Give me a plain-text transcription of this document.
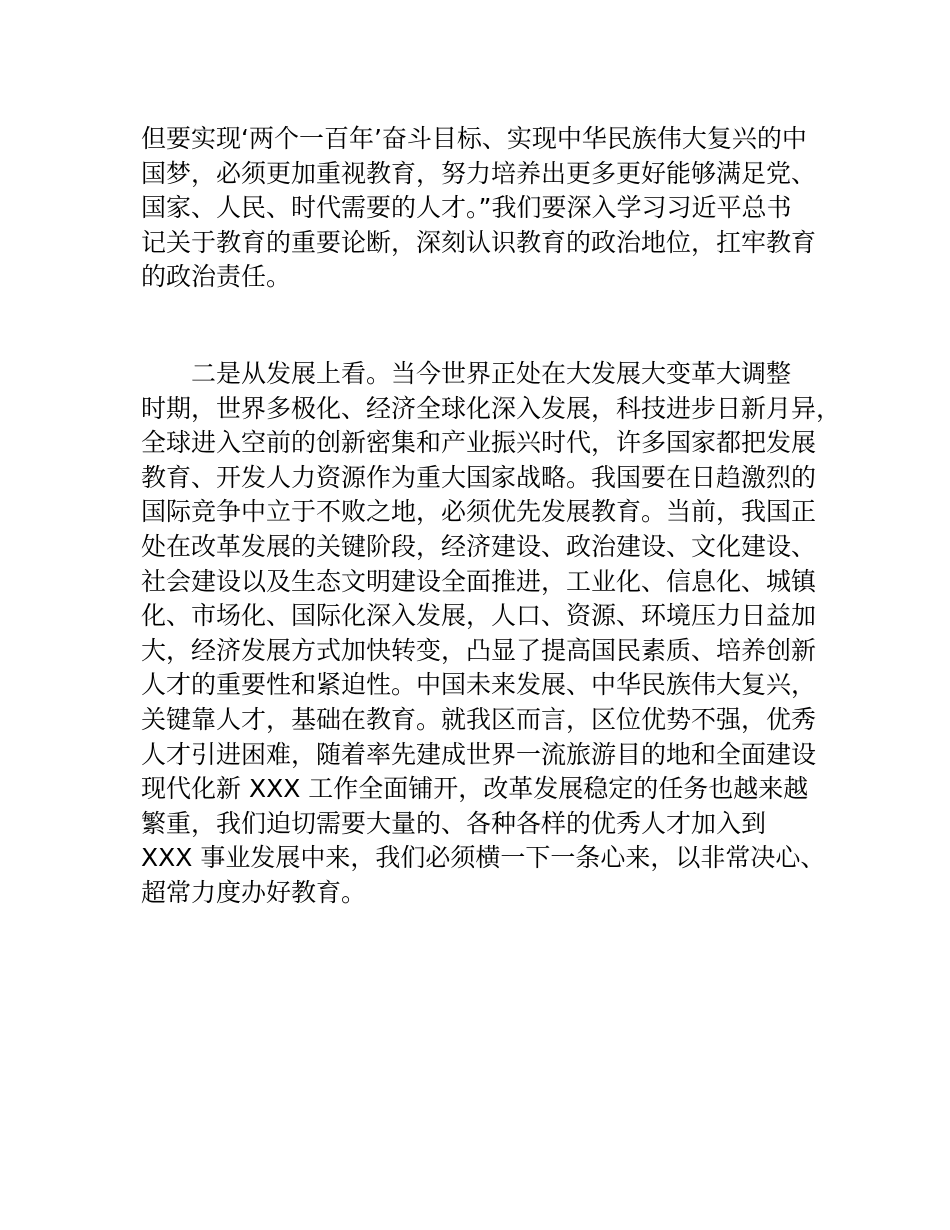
但要实现‘两个一百年’奋斗目标、实现中华民族伟大复兴的中
国梦，必须更加重视教育，努力培养出更多更好能够满足党、
国家、人民、时代需要的人才。”我们要深入学习习近平总书
记关于教育的重要论断，深刻认识教育的政治地位，扛牢教育
的政治责任。
　　二是从发展上看。当今世界正处在大发展大变革大调整
时期，世界多极化、经济全球化深入发展，科技进步日新月异，
全球进入空前的创新密集和产业振兴时代，许多国家都把发展
教育、开发人力资源作为重大国家战略。我国要在日趋激烈的
国际竞争中立于不败之地，必须优先发展教育。当前，我国正
处在改革发展的关键阶段，经济建设、政治建设、文化建设、
社会建设以及生态文明建设全面推进，工业化、信息化、城镇
化、市场化、国际化深入发展，人口、资源、环境压力日益加
大，经济发展方式加快转变，凸显了提高国民素质、培养创新
人才的重要性和紧迫性。中国未来发展、中华民族伟大复兴，
关键靠人才，基础在教育。就我区而言，区位优势不强，优秀
人才引进困难，随着率先建成世界一流旅游目的地和全面建设
现代化新 XXX 工作全面铺开，改革发展稳定的任务也越来越
繁重，我们迫切需要大量的、各种各样的优秀人才加入到
XXX 事业发展中来，我们必须横一下一条心来，以非常决心、
超常力度办好教育。
